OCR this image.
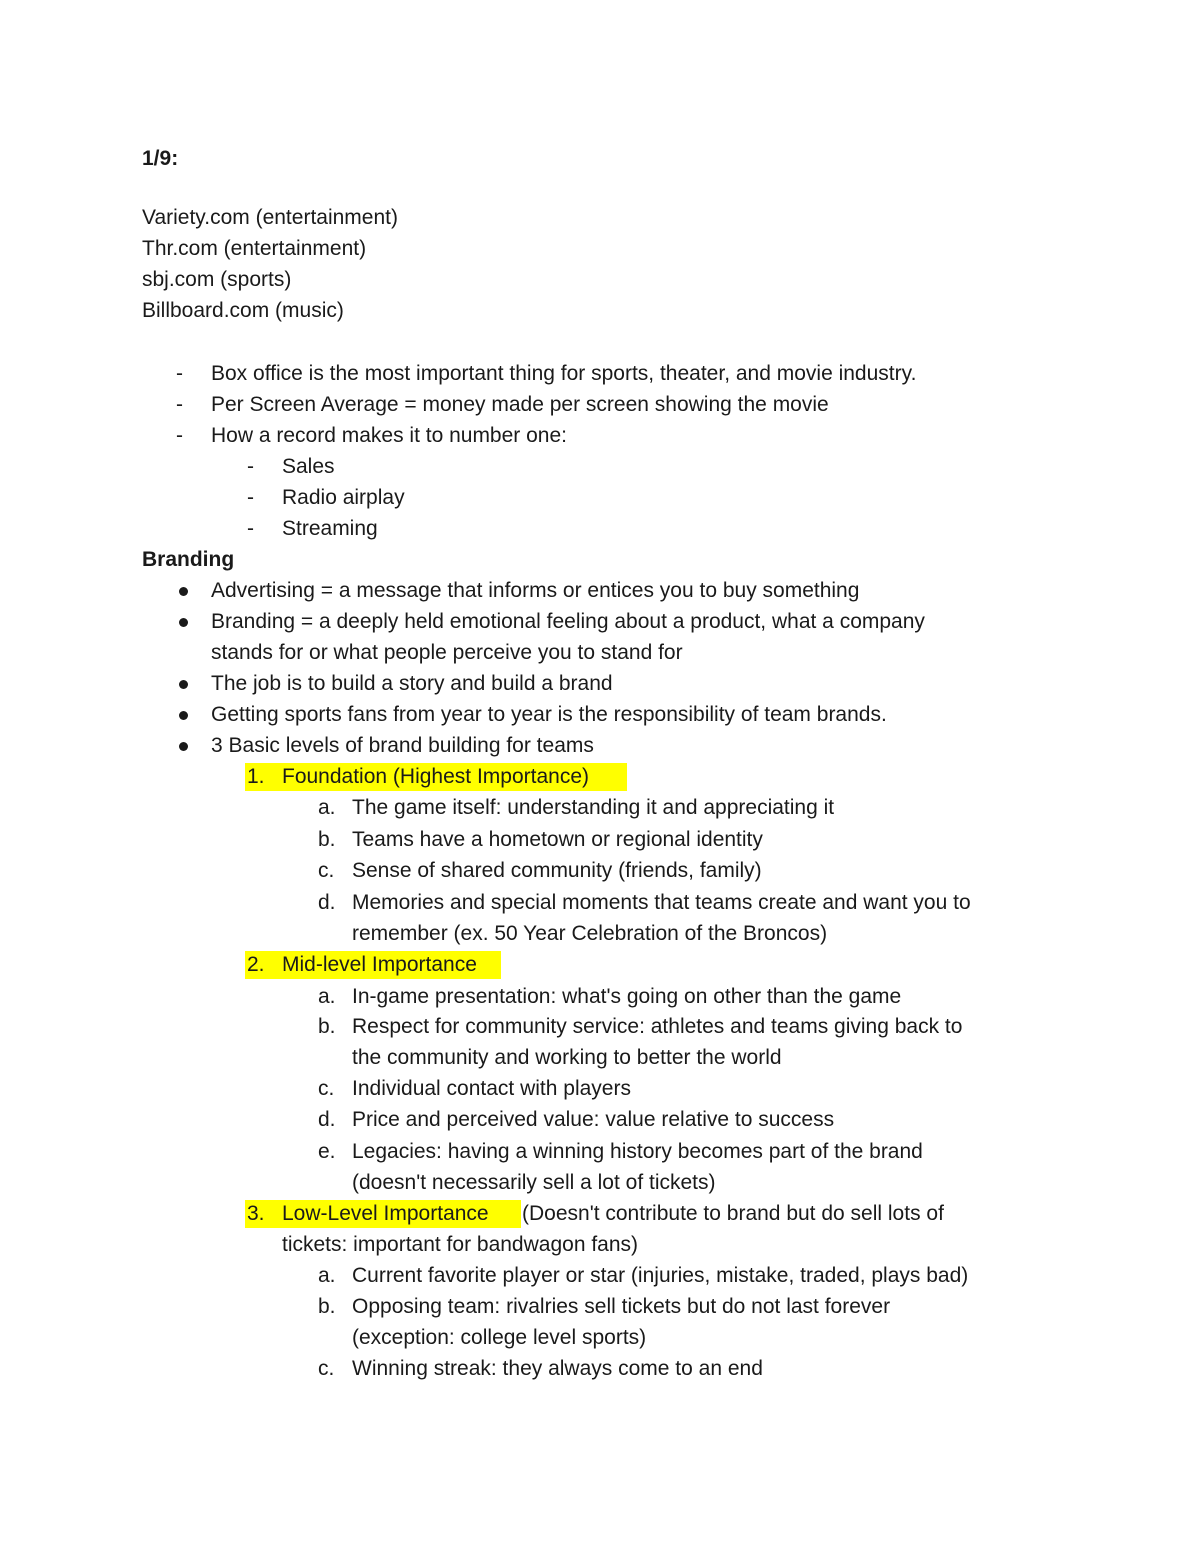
1/9:
Variety.com (entertainment)
Thr.com (entertainment)
sbj.com (sports)
Billboard.com (music)
- Box office is the most important thing for sports, theater, and movie industry.
- Per Screen Average = money made per screen showing the movie
- How a record makes it to number one:
- Sales
- Radio airplay
- Streaming
Branding
Advertising = a message that informs or entices you to buy something
Branding = a deeply held emotional feeling about a product, what a company
stands for or what people perceive you to stand for
The job is to build a story and build a brand
Getting sports fans from year to year is the responsibility of team brands.
3 Basic levels of brand building for teams
1. Foundation (Highest Importance)
a. The game itself: understanding it and appreciating it
b. Teams have a hometown or regional identity
c. Sense of shared community (friends, family)
d. Memories and special moments that teams create and want you to
remember (ex. 50 Year Celebration of the Broncos)
2. Mid-level Importance
a. In-game presentation: what's going on other than the game
b. Respect for community service: athletes and teams giving back to
the community and working to better the world
c. Individual contact with players
d. Price and perceived value: value relative to success
e. Legacies: having a winning history becomes part of the brand
(doesn't necessarily sell a lot of tickets)
3. Low-Level Importance (Doesn't contribute to brand but do sell lots of
tickets: important for bandwagon fans)
a. Current favorite player or star (injuries, mistake, traded, plays bad)
b. Opposing team: rivalries sell tickets but do not last forever
(exception: college level sports)
c. Winning streak: they always come to an end
